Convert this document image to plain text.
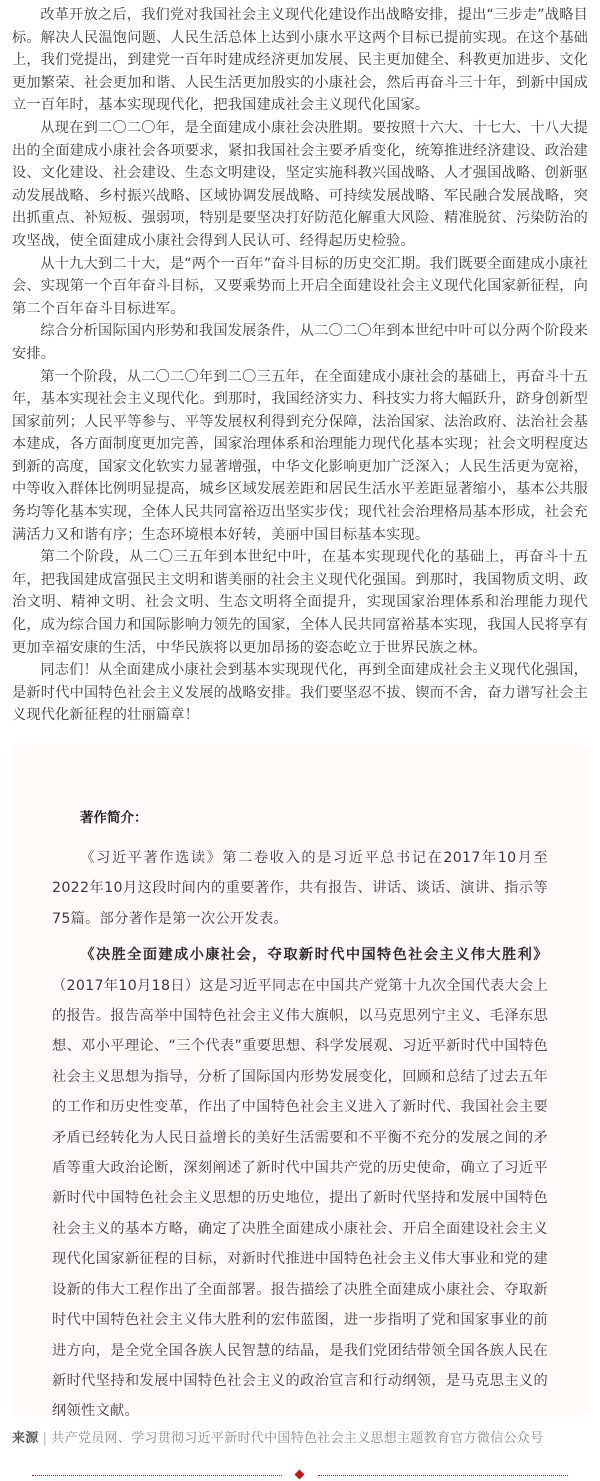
改革开放之后，我们党对我国社会主义现代化建设作出战略安排，提出“三步走”战略目标。解决人民温饱问题、人民生活总体上达到小康水平这两个目标已提前实现。在这个基础上，我们党提出，到建党一百年时建成经济更加发展、民主更加健全、科教更加进步、文化更加繁荣、社会更加和谐、人民生活更加殷实的小康社会，然后再奋斗三十年，到新中国成立一百年时，基本实现现代化，把我国建成社会主义现代化国家。

从现在到二〇二〇年，是全面建成小康社会决胜期。要按照十六大、十七大、十八大提出的全面建成小康社会各项要求，紧扣我国社会主要矛盾变化，统筹推进经济建设、政治建设、文化建设、社会建设、生态文明建设，坚定实施科教兴国战略、人才强国战略、创新驱动发展战略、乡村振兴战略、区域协调发展战略、可持续发展战略、军民融合发展战略，突出抓重点、补短板、强弱项，特别是要坚决打好防范化解重大风险、精准脱贫、污染防治的攻坚战，使全面建成小康社会得到人民认可、经得起历史检验。

从十九大到二十大，是“两个一百年”奋斗目标的历史交汇期。我们既要全面建成小康社会、实现第一个百年奋斗目标，又要乘势而上开启全面建设社会主义现代化国家新征程，向第二个百年奋斗目标进军。

综合分析国际国内形势和我国发展条件，从二〇二〇年到本世纪中叶可以分两个阶段来安排。

第一个阶段，从二〇二〇年到二〇三五年，在全面建成小康社会的基础上，再奋斗十五年，基本实现社会主义现代化。到那时，我国经济实力、科技实力将大幅跃升，跻身创新型国家前列；人民平等参与、平等发展权利得到充分保障，法治国家、法治政府、法治社会基本建成，各方面制度更加完善，国家治理体系和治理能力现代化基本实现；社会文明程度达到新的高度，国家文化软实力显著增强，中华文化影响更加广泛深入；人民生活更为宽裕，中等收入群体比例明显提高，城乡区域发展差距和居民生活水平差距显著缩小，基本公共服务均等化基本实现，全体人民共同富裕迈出坚实步伐；现代社会治理格局基本形成，社会充满活力又和谐有序；生态环境根本好转，美丽中国目标基本实现。

第二个阶段，从二〇三五年到本世纪中叶，在基本实现现代化的基础上，再奋斗十五年，把我国建成富强民主文明和谐美丽的社会主义现代化强国。到那时，我国物质文明、政治文明、精神文明、社会文明、生态文明将全面提升，实现国家治理体系和治理能力现代化，成为综合国力和国际影响力领先的国家，全体人民共同富裕基本实现，我国人民将享有更加幸福安康的生活，中华民族将以更加昂扬的姿态屹立于世界民族之林。

同志们！从全面建成小康社会到基本实现现代化，再到全面建成社会主义现代化强国，是新时代中国特色社会主义发展的战略安排。我们要坚忍不拔、锲而不舍，奋力谱写社会主义现代化新征程的壮丽篇章！

著作简介：

《习近平著作选读》第二卷收入的是习近平总书记在2017年10月至2022年10月这段时间内的重要著作，共有报告、讲话、谈话、演讲、指示等75篇。部分著作是第一次公开发表。

《决胜全面建成小康社会，夺取新时代中国特色社会主义伟大胜利》（2017年10月18日）这是习近平同志在中国共产党第十九次全国代表大会上的报告。报告高举中国特色社会主义伟大旗帜，以马克思列宁主义、毛泽东思想、邓小平理论、“三个代表”重要思想、科学发展观、习近平新时代中国特色社会主义思想为指导，分析了国际国内形势发展变化，回顾和总结了过去五年的工作和历史性变革，作出了中国特色社会主义进入了新时代、我国社会主要矛盾已经转化为人民日益增长的美好生活需要和不平衡不充分的发展之间的矛盾等重大政治论断，深刻阐述了新时代中国共产党的历史使命，确立了习近平新时代中国特色社会主义思想的历史地位，提出了新时代坚持和发展中国特色社会主义的基本方略，确定了决胜全面建成小康社会、开启全面建设社会主义现代化国家新征程的目标，对新时代推进中国特色社会主义伟大事业和党的建设新的伟大工程作出了全面部署。报告描绘了决胜全面建成小康社会、夺取新时代中国特色社会主义伟大胜利的宏伟蓝图，进一步指明了党和国家事业的前进方向，是全党全国各族人民智慧的结晶，是我们党团结带领全国各族人民在新时代坚持和发展中国特色社会主义的政治宣言和行动纲领，是马克思主义的纲领性文献。

来源 | 共产党员网、学习贯彻习近平新时代中国特色社会主义思想主题教育官方微信公众号
